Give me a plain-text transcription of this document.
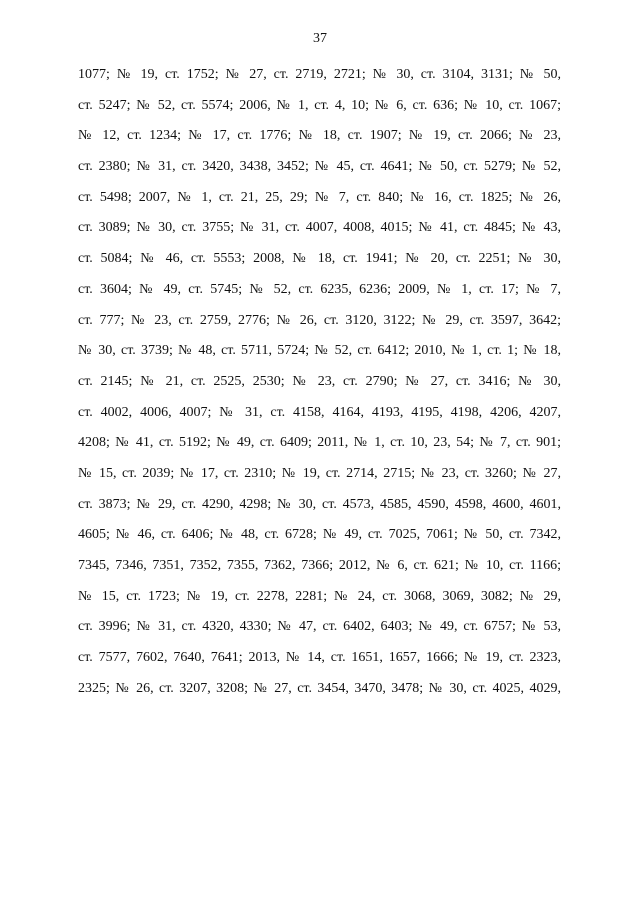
37
1077; № 19, ст. 1752; № 27, ст. 2719, 2721; № 30, ст. 3104, 3131; № 50,
ст. 5247; № 52, ст. 5574; 2006, № 1, ст. 4, 10; № 6, ст. 636; № 10, ст. 1067;
№ 12, ст. 1234; № 17, ст. 1776; № 18, ст. 1907; № 19, ст. 2066; № 23,
ст. 2380; № 31, ст. 3420, 3438, 3452; № 45, ст. 4641; № 50, ст. 5279; № 52,
ст. 5498; 2007, № 1, ст. 21, 25, 29; № 7, ст. 840; № 16, ст. 1825; № 26,
ст. 3089; № 30, ст. 3755; № 31, ст. 4007, 4008, 4015; № 41, ст. 4845; № 43,
ст. 5084; № 46, ст. 5553; 2008, № 18, ст. 1941; № 20, ст. 2251; № 30,
ст. 3604; № 49, ст. 5745; № 52, ст. 6235, 6236; 2009, № 1, ст. 17; № 7,
ст. 777; № 23, ст. 2759, 2776; № 26, ст. 3120, 3122; № 29, ст. 3597, 3642;
№ 30, ст. 3739; № 48, ст. 5711, 5724; № 52, ст. 6412; 2010, № 1, ст. 1; № 18,
ст. 2145; № 21, ст. 2525, 2530; № 23, ст. 2790; № 27, ст. 3416; № 30,
ст. 4002, 4006, 4007; № 31, ст. 4158, 4164, 4193, 4195, 4198, 4206, 4207,
4208; № 41, ст. 5192; № 49, ст. 6409; 2011, № 1, ст. 10, 23, 54; № 7, ст. 901;
№ 15, ст. 2039; № 17, ст. 2310; № 19, ст. 2714, 2715; № 23, ст. 3260; № 27,
ст. 3873; № 29, ст. 4290, 4298; № 30, ст. 4573, 4585, 4590, 4598, 4600, 4601,
4605; № 46, ст. 6406; № 48, ст. 6728; № 49, ст. 7025, 7061; № 50, ст. 7342,
7345, 7346, 7351, 7352, 7355, 7362, 7366; 2012, № 6, ст. 621; № 10, ст. 1166;
№ 15, ст. 1723; № 19, ст. 2278, 2281; № 24, ст. 3068, 3069, 3082; № 29,
ст. 3996; № 31, ст. 4320, 4330; № 47, ст. 6402, 6403; № 49, ст. 6757; № 53,
ст. 7577, 7602, 7640, 7641; 2013, № 14, ст. 1651, 1657, 1666; № 19, ст. 2323,
2325; № 26, ст. 3207, 3208; № 27, ст. 3454, 3470, 3478; № 30, ст. 4025, 4029,
